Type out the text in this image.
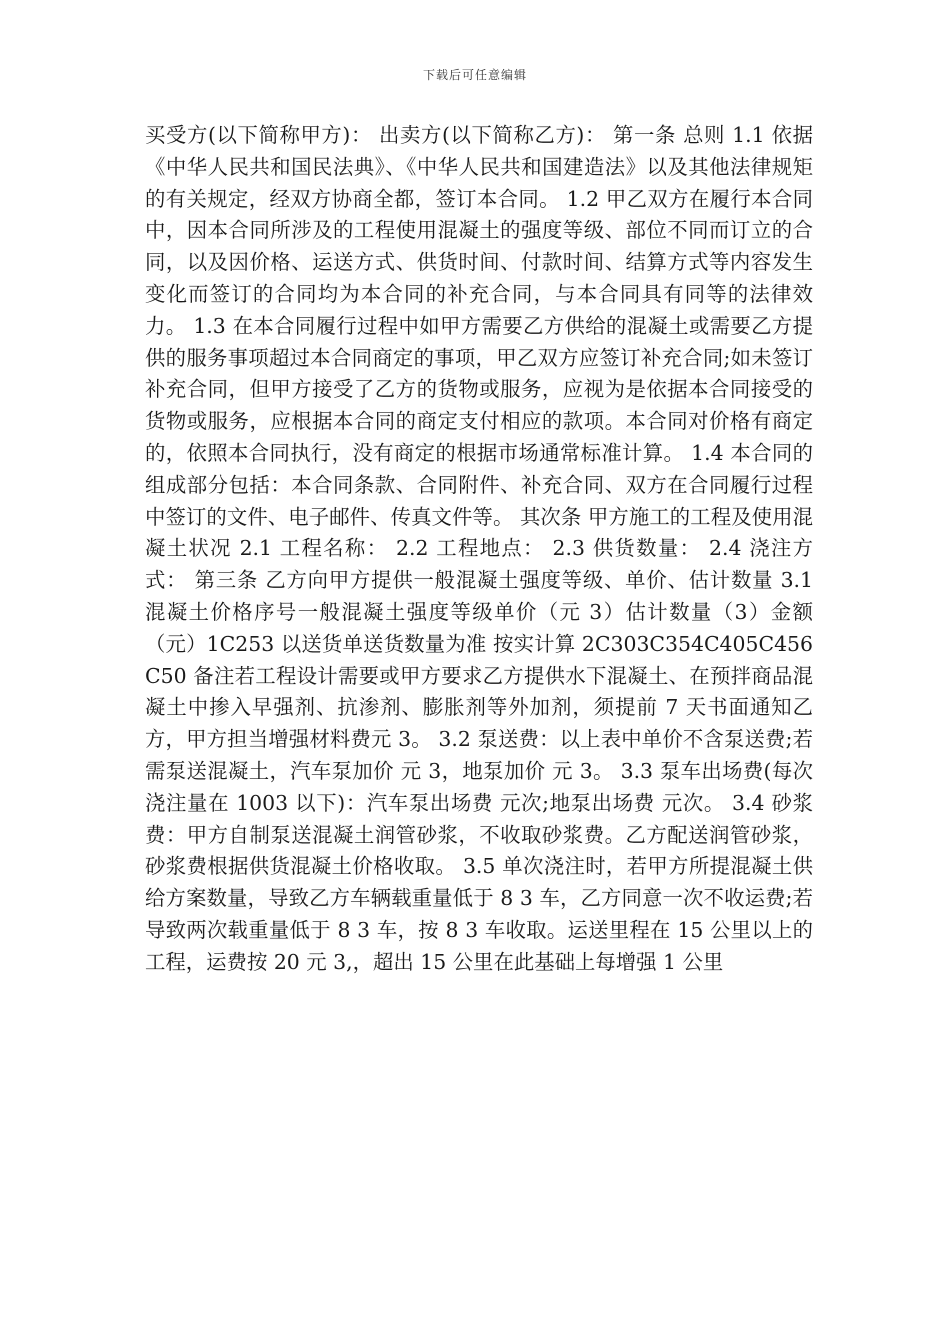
下载后可任意编辑

买受方(以下简称甲方)： 出卖方(以下简称乙方)： 第一条 总则 1.1 依据《中华人民共和国民法典》、《中华人民共和国建造法》以及其他法律规矩的有关规定，经双方协商全都，签订本合同。 1.2 甲乙双方在履行本合同中，因本合同所涉及的工程使用混凝土的强度等级、部位不同而订立的合同，以及因价格、运送方式、供货时间、付款时间、结算方式等内容发生变化而签订的合同均为本合同的补充合同，与本合同具有同等的法律效力。 1.3 在本合同履行过程中如甲方需要乙方供给的混凝土或需要乙方提供的服务事项超过本合同商定的事项，甲乙双方应签订补充合同;如未签订补充合同，但甲方接受了乙方的货物或服务，应视为是依据本合同接受的货物或服务，应根据本合同的商定支付相应的款项。本合同对价格有商定的，依照本合同执行，没有商定的根据市场通常标准计算。 1.4 本合同的组成部分包括：本合同条款、合同附件、补充合同、双方在合同履行过程中签订的文件、电子邮件、传真文件等。 其次条 甲方施工的工程及使用混凝土状况 2.1 工程名称： 2.2 工程地点： 2.3 供货数量： 2.4 浇注方式： 第三条 乙方向甲方提供一般混凝土强度等级、单价、估计数量 3.1 混凝土价格序号一般混凝土强度等级单价（元 3）估计数量（3）金额（元）1C253 以送货单送货数量为准 按实计算 2C303C354C405C456C50 备注若工程设计需要或甲方要求乙方提供水下混凝土、在预拌商品混凝土中掺入早强剂、抗渗剂、膨胀剂等外加剂，须提前 7 天书面通知乙方，甲方担当增强材料费元 3。 3.2 泵送费：以上表中单价不含泵送费;若需泵送混凝土，汽车泵加价 元 3，地泵加价 元 3。 3.3 泵车出场费(每次浇注量在 1003 以下)：汽车泵出场费 元次;地泵出场费 元次。 3.4 砂浆费：甲方自制泵送混凝土润管砂浆，不收取砂浆费。乙方配送润管砂浆，砂浆费根据供货混凝土价格收取。 3.5 单次浇注时，若甲方所提混凝土供给方案数量，导致乙方车辆载重量低于 8 3 车，乙方同意一次不收运费;若导致两次载重量低于 8 3 车，按 8 3 车收取。运送里程在 15 公里以上的工程，运费按 20 元 3,，超出 15 公里在此基础上每增强 1 公里
